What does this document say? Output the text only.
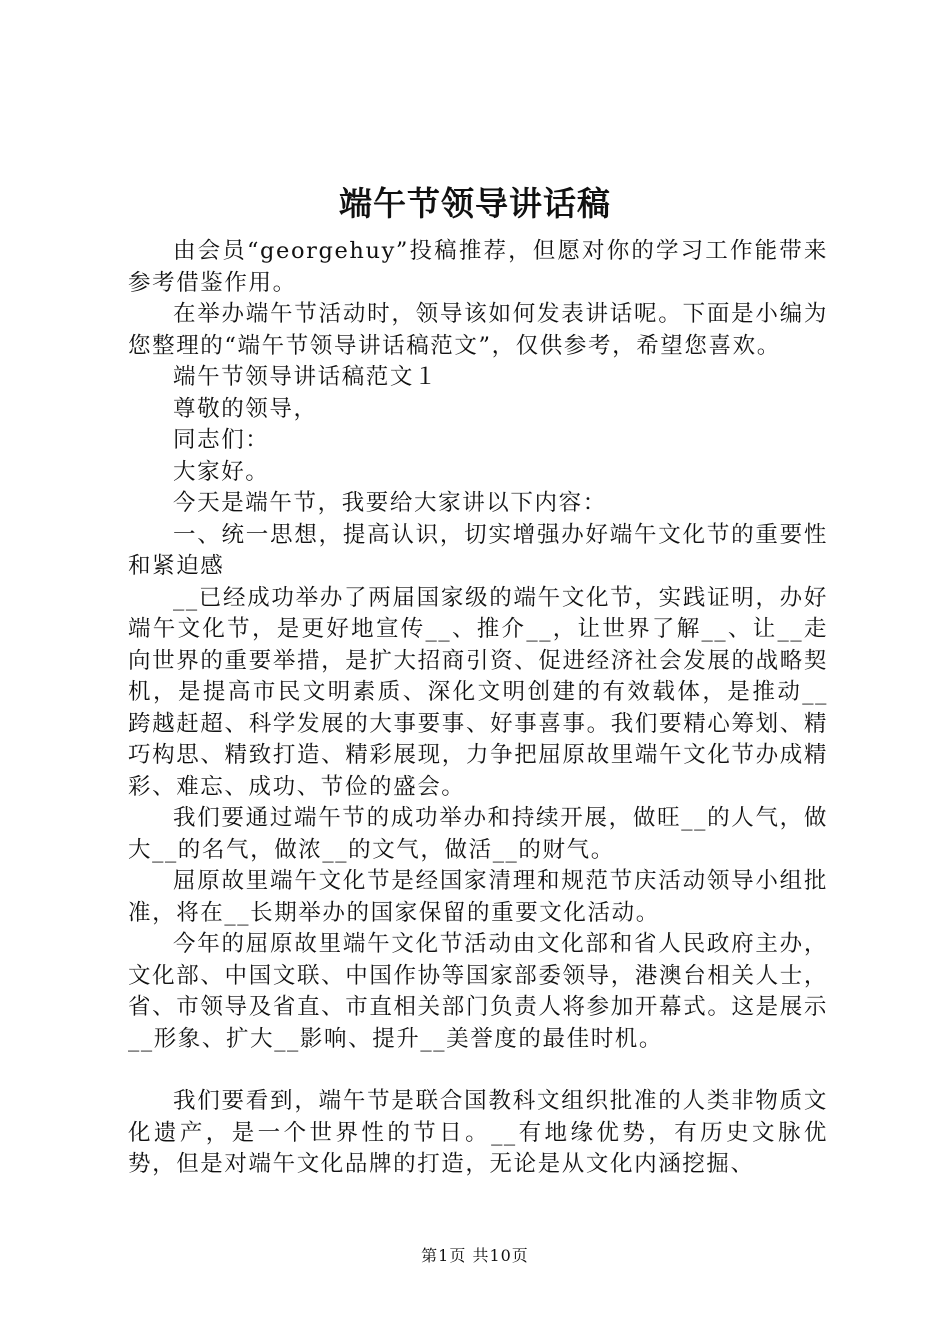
端午节领导讲话稿

由会员“georgehuy”投稿推荐，但愿对你的学习工作能带来参考借鉴作用。

在举办端午节活动时，领导该如何发表讲话呢。下面是小编为您整理的“端午节领导讲话稿范文”，仅供参考，希望您喜欢。

端午节领导讲话稿范文１

尊敬的领导，

同志们：

大家好。

今天是端午节，我要给大家讲以下内容：

一、统一思想，提高认识，切实增强办好端午文化节的重要性和紧迫感

__已经成功举办了两届国家级的端午文化节，实践证明，办好端午文化节，是更好地宣传__、推介__，让世界了解__、让__走向世界的重要举措，是扩大招商引资、促进经济社会发展的战略契机，是提高市民文明素质、深化文明创建的有效载体，是推动__跨越赶超、科学发展的大事要事、好事喜事。我们要精心筹划、精巧构思、精致打造、精彩展现，力争把屈原故里端午文化节办成精彩、难忘、成功、节俭的盛会。

我们要通过端午节的成功举办和持续开展，做旺__的人气，做大__的名气，做浓__的文气，做活__的财气。

屈原故里端午文化节是经国家清理和规范节庆活动领导小组批准，将在__长期举办的国家保留的重要文化活动。

今年的屈原故里端午文化节活动由文化部和省人民政府主办，文化部、中国文联、中国作协等国家部委领导，港澳台相关人士，省、市领导及省直、市直相关部门负责人将参加开幕式。这是展示__形象、扩大__影响、提升__美誉度的最佳时机。

我们要看到，端午节是联合国教科文组织批准的人类非物质文化遗产，是一个世界性的节日。__有地缘优势，有历史文脉优势，但是对端午文化品牌的打造，无论是从文化内涵挖掘、

第1页 共10页
